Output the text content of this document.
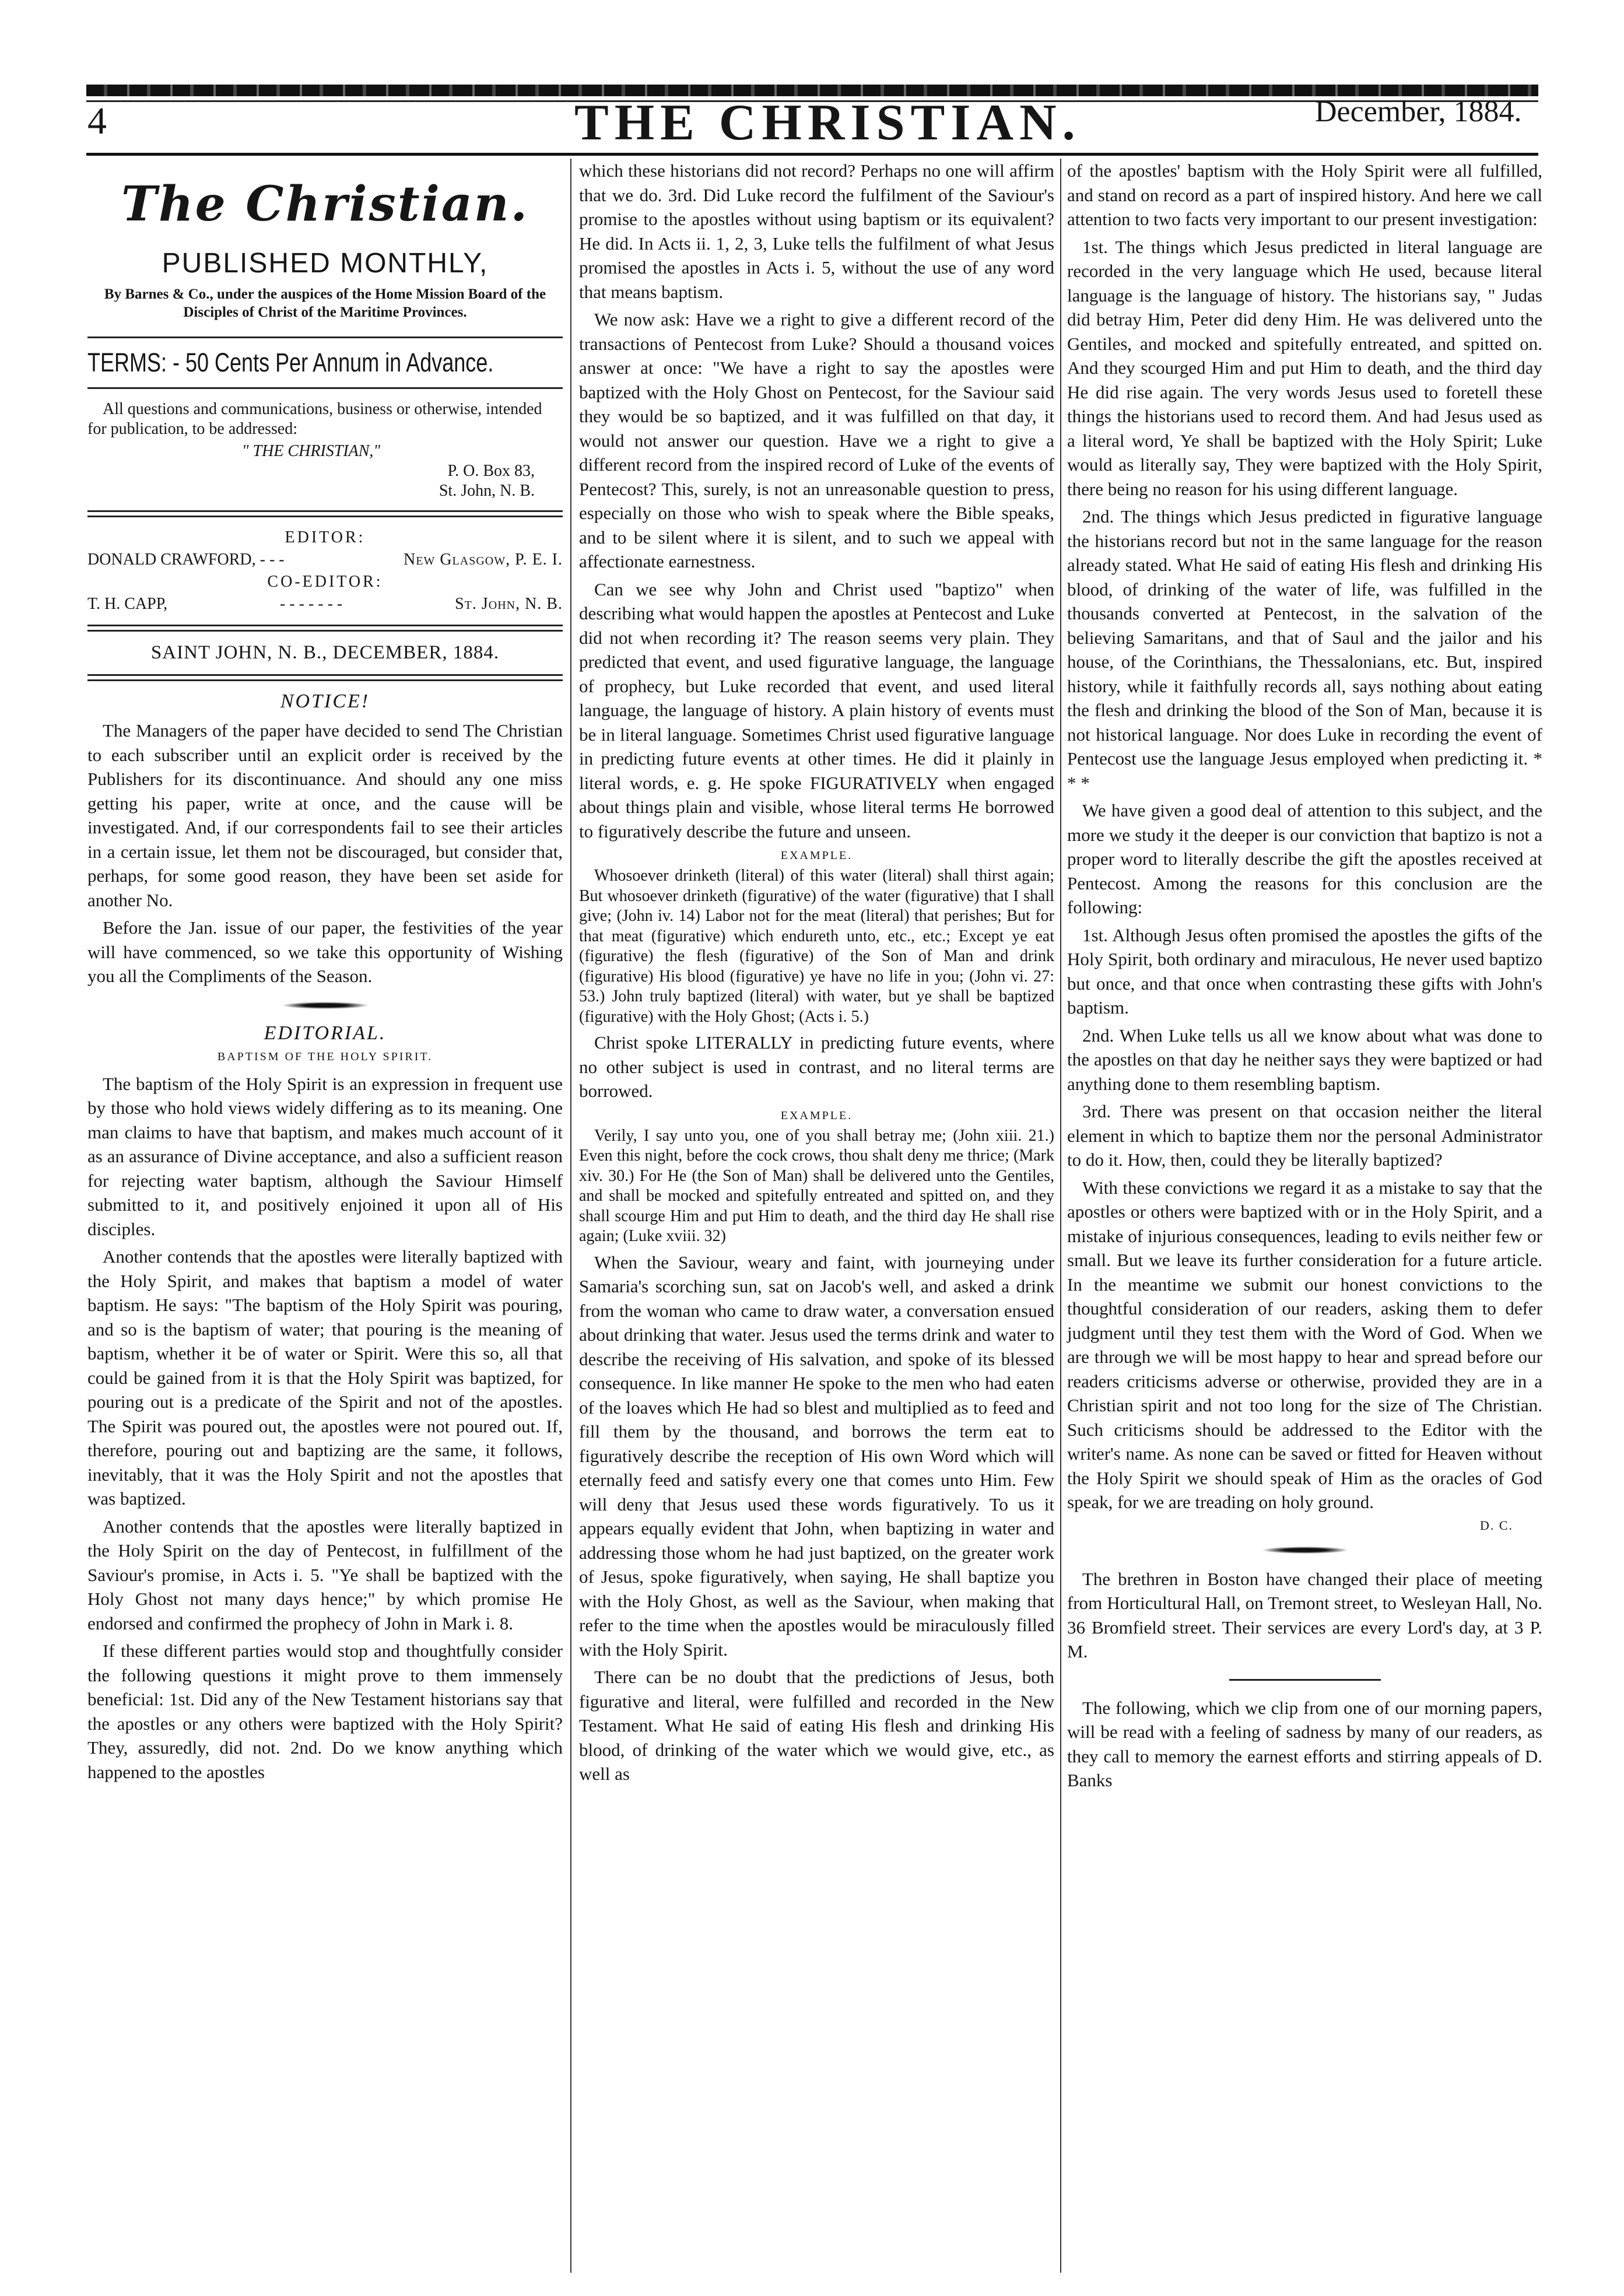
4	THE CHRISTIAN.	December, 1884.
The Christian.
PUBLISHED MONTHLY,
By Barnes & Co., under the auspices of the Home Mission Board of the Disciples of Christ of the Maritime Provinces.
TERMS: - 50 Cents Per Annum in Advance.
All questions and communications, business or otherwise, intended for publication, to be addressed:
" THE CHRISTIAN,"
P. O. Box 83,
St. John, N. B.
EDITOR:
DONALD CRAWFORD, - - -	New Glasgow, P. E. I.
CO-EDITOR:
T. H. CAPP,	- - - - - - -	St. John, N. B.
SAINT JOHN, N. B., DECEMBER, 1884.
NOTICE!

The Managers of the paper have decided to send The Christian to each subscriber until an explicit order is received by the Publishers for its discontinuance. And should any one miss getting his paper, write at once, and the cause will be investigated. And, if our correspondents fail to see their articles in a certain issue, let them not be discouraged, but consider that, perhaps, for some good reason, they have been set aside for another No.

Before the Jan. issue of our paper, the festivities of the year will have commenced, so we take this opportunity of Wishing you all the Compliments of the Season.

EDITORIAL.
BAPTISM OF THE HOLY SPIRIT.

The baptism of the Holy Spirit is an expression in frequent use by those who hold views widely differing as to its meaning. One man claims to have that baptism, and makes much account of it as an assurance of Divine acceptance, and also a sufficient reason for rejecting water baptism, although the Saviour Himself submitted to it, and positively enjoined it upon all of His disciples.

Another contends that the apostles were literally baptized with the Holy Spirit, and makes that baptism a model of water baptism. He says: "The baptism of the Holy Spirit was pouring, and so is the baptism of water; that pouring is the meaning of baptism, whether it be of water or Spirit. Were this so, all that could be gained from it is that the Holy Spirit was baptized, for pouring out is a predicate of the Spirit and not of the apostles. The Spirit was poured out, the apostles were not poured out. If, therefore, pouring out and baptizing are the same, it follows, inevitably, that it was the Holy Spirit and not the apostles that was baptized.

Another contends that the apostles were literally baptized in the Holy Spirit on the day of Pentecost, in fulfillment of the Saviour's promise, in Acts i. 5. "Ye shall be baptized with the Holy Ghost not many days hence;" by which promise He endorsed and confirmed the prophecy of John in Mark i. 8.

If these different parties would stop and thoughtfully consider the following questions it might prove to them immensely beneficial: 1st. Did any of the New Testament historians say that the apostles or any others were baptized with the Holy Spirit? They, assuredly, did not. 2nd. Do we know anything which happened to the apostles

which these historians did not record? Perhaps no one will affirm that we do. 3rd. Did Luke record the fulfilment of the Saviour's promise to the apostles without using baptism or its equivalent? He did. In Acts ii. 1, 2, 3, Luke tells the fulfilment of what Jesus promised the apostles in Acts i. 5, without the use of any word that means baptism.

We now ask: Have we a right to give a different record of the transactions of Pentecost from Luke? Should a thousand voices answer at once: "We have a right to say the apostles were baptized with the Holy Ghost on Pentecost, for the Saviour said they would be so baptized, and it was fulfilled on that day, it would not answer our question. Have we a right to give a different record from the inspired record of Luke of the events of Pentecost? This, surely, is not an unreasonable question to press, especially on those who wish to speak where the Bible speaks, and to be silent where it is silent, and to such we appeal with affectionate earnestness.

Can we see why John and Christ used "baptizo" when describing what would happen the apostles at Pentecost and Luke did not when recording it? The reason seems very plain. They predicted that event, and used figurative language, the language of prophecy, but Luke recorded that event, and used literal language, the language of history. A plain history of events must be in literal language. Sometimes Christ used figurative language in predicting future events at other times. He did it plainly in literal words, e. g. He spoke FIGURATIVELY when engaged about things plain and visible, whose literal terms He borrowed to figuratively describe the future and unseen.

EXAMPLE.

Whosoever drinketh (literal) of this water (literal) shall thirst again; But whosoever drinketh (figurative) of the water (figurative) that I shall give; (John iv. 14) Labor not for the meat (literal) that perishes; But for that meat (figurative) which endureth unto, etc., etc.; Except ye eat (figurative) the flesh (figurative) of the Son of Man and drink (figurative) His blood (figurative) ye have no life in you; (John vi. 27: 53.) John truly baptized (literal) with water, but ye shall be baptized (figurative) with the Holy Ghost; (Acts i. 5.)

Christ spoke LITERALLY in predicting future events, where no other subject is used in contrast, and no literal terms are borrowed.

EXAMPLE.

Verily, I say unto you, one of you shall betray me; (John xiii. 21.) Even this night, before the cock crows, thou shalt deny me thrice; (Mark xiv. 30.) For He (the Son of Man) shall be delivered unto the Gentiles, and shall be mocked and spitefully entreated and spitted on, and they shall scourge Him and put Him to death, and the third day He shall rise again; (Luke xviii. 32)

When the Saviour, weary and faint, with journeying under Samaria's scorching sun, sat on Jacob's well, and asked a drink from the woman who came to draw water, a conversation ensued about drinking that water. Jesus used the terms drink and water to describe the receiving of His salvation, and spoke of its blessed consequence. In like manner He spoke to the men who had eaten of the loaves which He had so blest and multiplied as to feed and fill them by the thousand, and borrows the term eat to figuratively describe the reception of His own Word which will eternally feed and satisfy every one that comes unto Him. Few will deny that Jesus used these words figuratively. To us it appears equally evident that John, when baptizing in water and addressing those whom he had just baptized, on the greater work of Jesus, spoke figuratively, when saying, He shall baptize you with the Holy Ghost, as well as the Saviour, when making that refer to the time when the apostles would be miraculously filled with the Holy Spirit.

There can be no doubt that the predictions of Jesus, both figurative and literal, were fulfilled and recorded in the New Testament. What He said of eating His flesh and drinking His blood, of drinking of the water which we would give, etc., as well as

of the apostles' baptism with the Holy Spirit were all fulfilled, and stand on record as a part of inspired history. And here we call attention to two facts very important to our present investigation:

1st. The things which Jesus predicted in literal language are recorded in the very language which He used, because literal language is the language of history. The historians say, " Judas did betray Him, Peter did deny Him. He was delivered unto the Gentiles, and mocked and spitefully entreated, and spitted on. And they scourged Him and put Him to death, and the third day He did rise again. The very words Jesus used to foretell these things the historians used to record them. And had Jesus used as a literal word, Ye shall be baptized with the Holy Spirit; Luke would as literally say, They were baptized with the Holy Spirit, there being no reason for his using different language.

2nd. The things which Jesus predicted in figurative language the historians record but not in the same language for the reason already stated. What He said of eating His flesh and drinking His blood, of drinking of the water of life, was fulfilled in the thousands converted at Pentecost, in the salvation of the believing Samaritans, and that of Saul and the jailor and his house, of the Corinthians, the Thessalonians, etc. But, inspired history, while it faithfully records all, says nothing about eating the flesh and drinking the blood of the Son of Man, because it is not historical language. Nor does Luke in recording the event of Pentecost use the language Jesus employed when predicting it. * * *

We have given a good deal of attention to this subject, and the more we study it the deeper is our conviction that baptizo is not a proper word to literally describe the gift the apostles received at Pentecost. Among the reasons for this conclusion are the following:

1st. Although Jesus often promised the apostles the gifts of the Holy Spirit, both ordinary and miraculous, He never used baptizo but once, and that once when contrasting these gifts with John's baptism.

2nd. When Luke tells us all we know about what was done to the apostles on that day he neither says they were baptized or had anything done to them resembling baptism.

3rd. There was present on that occasion neither the literal element in which to baptize them nor the personal Administrator to do it. How, then, could they be literally baptized?

With these convictions we regard it as a mistake to say that the apostles or others were baptized with or in the Holy Spirit, and a mistake of injurious consequences, leading to evils neither few or small. But we leave its further consideration for a future article. In the meantime we submit our honest convictions to the thoughtful consideration of our readers, asking them to defer judgment until they test them with the Word of God. When we are through we will be most happy to hear and spread before our readers criticisms adverse or otherwise, provided they are in a Christian spirit and not too long for the size of The Christian. Such criticisms should be addressed to the Editor with the writer's name. As none can be saved or fitted for Heaven without the Holy Spirit we should speak of Him as the oracles of God speak, for we are treading on holy ground.

D. C.

The brethren in Boston have changed their place of meeting from Horticultural Hall, on Tremont street, to Wesleyan Hall, No. 36 Bromfield street. Their services are every Lord's day, at 3 P. M.

The following, which we clip from one of our morning papers, will be read with a feeling of sadness by many of our readers, as they call to memory the earnest efforts and stirring appeals of D. Banks
